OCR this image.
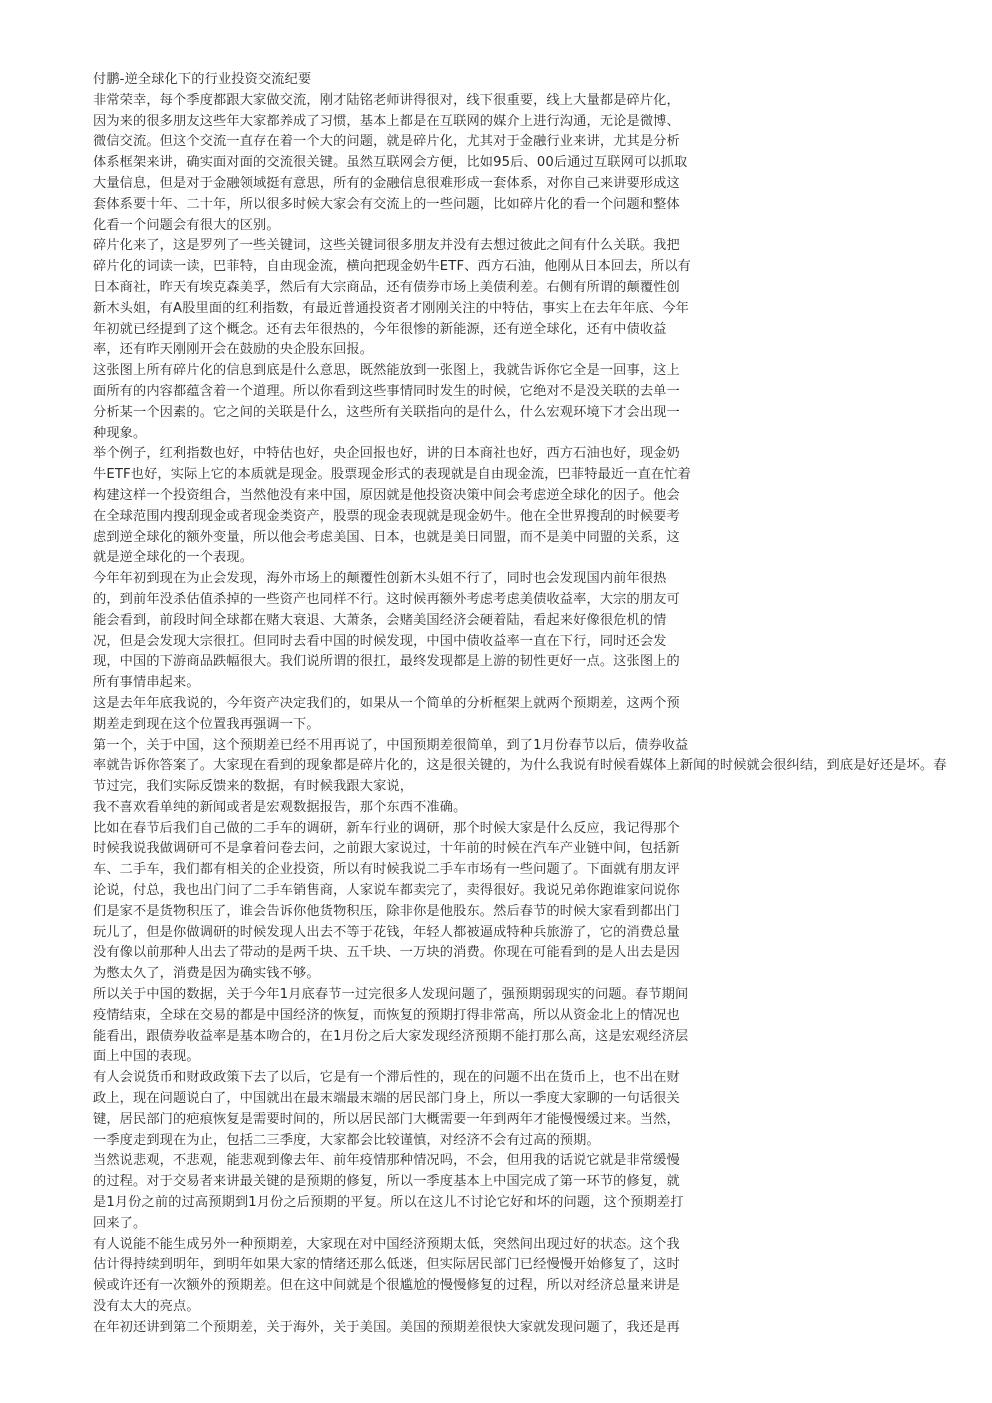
付鹏-逆全球化下的行业投资交流纪要
非常荣幸，每个季度都跟大家做交流，刚才陆铭老师讲得很对，线下很重要，线上大量都是碎片化，
因为来的很多朋友这些年大家都养成了习惯，基本上都是在互联网的媒介上进行沟通，无论是微博、
微信交流。但这个交流一直存在着一个大的问题，就是碎片化，尤其对于金融行业来讲，尤其是分析
体系框架来讲，确实面对面的交流很关键。虽然互联网会方便，比如95后、00后通过互联网可以抓取
大量信息，但是对于金融领域挺有意思，所有的金融信息很难形成一套体系，对你自己来讲要形成这
套体系要十年、二十年，所以很多时候大家会有交流上的一些问题，比如碎片化的看一个问题和整体
化看一个问题会有很大的区别。
碎片化来了，这是罗列了一些关键词，这些关键词很多朋友并没有去想过彼此之间有什么关联。我把
碎片化的词读一读，巴菲特，自由现金流，横向把现金奶牛ETF、西方石油，他刚从日本回去，所以有
日本商社，昨天有埃克森美孚，然后有大宗商品，还有债券市场上美债利差。右侧有所谓的颠覆性创
新木头姐，有A股里面的红利指数，有最近普通投资者才刚刚关注的中特估，事实上在去年年底、今年
年初就已经提到了这个概念。还有去年很热的，今年很惨的新能源，还有逆全球化，还有中债收益
率，还有昨天刚刚开会在鼓励的央企股东回报。
这张图上所有碎片化的信息到底是什么意思，既然能放到一张图上，我就告诉你它全是一回事，这上
面所有的内容都蕴含着一个道理。所以你看到这些事情同时发生的时候，它绝对不是没关联的去单一
分析某一个因素的。它之间的关联是什么，这些所有关联指向的是什么，什么宏观环境下才会出现一
种现象。
举个例子，红利指数也好，中特估也好，央企回报也好，讲的日本商社也好，西方石油也好，现金奶
牛ETF也好，实际上它的本质就是现金。股票现金形式的表现就是自由现金流，巴菲特最近一直在忙着
构建这样一个投资组合，当然他没有来中国，原因就是他投资决策中间会考虑逆全球化的因子。他会
在全球范围内搜刮现金或者现金类资产，股票的现金表现就是现金奶牛。他在全世界搜刮的时候要考
虑到逆全球化的额外变量，所以他会考虑美国、日本，也就是美日同盟，而不是美中同盟的关系，这
就是逆全球化的一个表现。
今年年初到现在为止会发现，海外市场上的颠覆性创新木头姐不行了，同时也会发现国内前年很热
的，到前年没杀估值杀掉的一些资产也同样不行。这时候再额外考虑考虑美债收益率，大宗的朋友可
能会看到，前段时间全球都在赌大衰退、大萧条，会赌美国经济会硬着陆，看起来好像很危机的情
况，但是会发现大宗很扛。但同时去看中国的时候发现，中国中债收益率一直在下行，同时还会发
现，中国的下游商品跌幅很大。我们说所谓的很扛，最终发现都是上游的韧性更好一点。这张图上的
所有事情串起来。
这是去年年底我说的，今年资产决定我们的，如果从一个简单的分析框架上就两个预期差，这两个预
期差走到现在这个位置我再强调一下。
第一个，关于中国，这个预期差已经不用再说了，中国预期差很简单，到了1月份春节以后，债券收益
率就告诉你答案了。大家现在看到的现象都是碎片化的，这是很关键的，为什么我说有时候看媒体上新闻的时候就会很纠结，到底是好还是坏。春
节过完，我们实际反馈来的数据，有时候我跟大家说，
我不喜欢看单纯的新闻或者是宏观数据报告，那个东西不准确。
比如在春节后我们自己做的二手车的调研，新车行业的调研，那个时候大家是什么反应，我记得那个
时候我说我做调研可不是拿着问卷去问，之前跟大家说过，十年前的时候在汽车产业链中间，包括新
车、二手车，我们都有相关的企业投资，所以有时候我说二手车市场有一些问题了。下面就有朋友评
论说，付总，我也出门问了二手车销售商，人家说车都卖完了，卖得很好。我说兄弟你跑谁家问说你
们是家不是货物积压了，谁会告诉你他货物积压，除非你是他股东。然后春节的时候大家看到都出门
玩儿了，但是你做调研的时候发现人出去不等于花钱，年轻人都被逼成特种兵旅游了，它的消费总量
没有像以前那种人出去了带动的是两千块、五千块、一万块的消费。你现在可能看到的是人出去是因
为憋太久了，消费是因为确实钱不够。
所以关于中国的数据，关于今年1月底春节一过完很多人发现问题了，强预期弱现实的问题。春节期间
疫情结束，全球在交易的都是中国经济的恢复，而恢复的预期打得非常高，所以从资金北上的情况也
能看出，跟债券收益率是基本吻合的，在1月份之后大家发现经济预期不能打那么高，这是宏观经济层
面上中国的表现。
有人会说货币和财政政策下去了以后，它是有一个滞后性的，现在的问题不出在货币上，也不出在财
政上，现在问题说白了，中国就出在最末端最末端的居民部门身上，所以一季度大家聊的一句话很关
键，居民部门的疤痕恢复是需要时间的，所以居民部门大概需要一年到两年才能慢慢缓过来。当然，
一季度走到现在为止，包括二三季度，大家都会比较谨慎，对经济不会有过高的预期。
当然说悲观，不悲观，能悲观到像去年、前年疫情那种情况吗，不会，但用我的话说它就是非常缓慢
的过程。对于交易者来讲最关键的是预期的修复，所以一季度基本上中国完成了第一环节的修复，就
是1月份之前的过高预期到1月份之后预期的平复。所以在这儿不讨论它好和坏的问题，这个预期差打
回来了。
有人说能不能生成另外一种预期差，大家现在对中国经济预期太低，突然间出现过好的状态。这个我
估计得持续到明年，到明年如果大家的情绪还那么低迷，但实际居民部门已经慢慢开始修复了，这时
候或许还有一次额外的预期差。但在这中间就是个很尴尬的慢慢修复的过程，所以对经济总量来讲是
没有太大的亮点。
在年初还讲到第二个预期差，关于海外，关于美国。美国的预期差很快大家就发现问题了，我还是再
